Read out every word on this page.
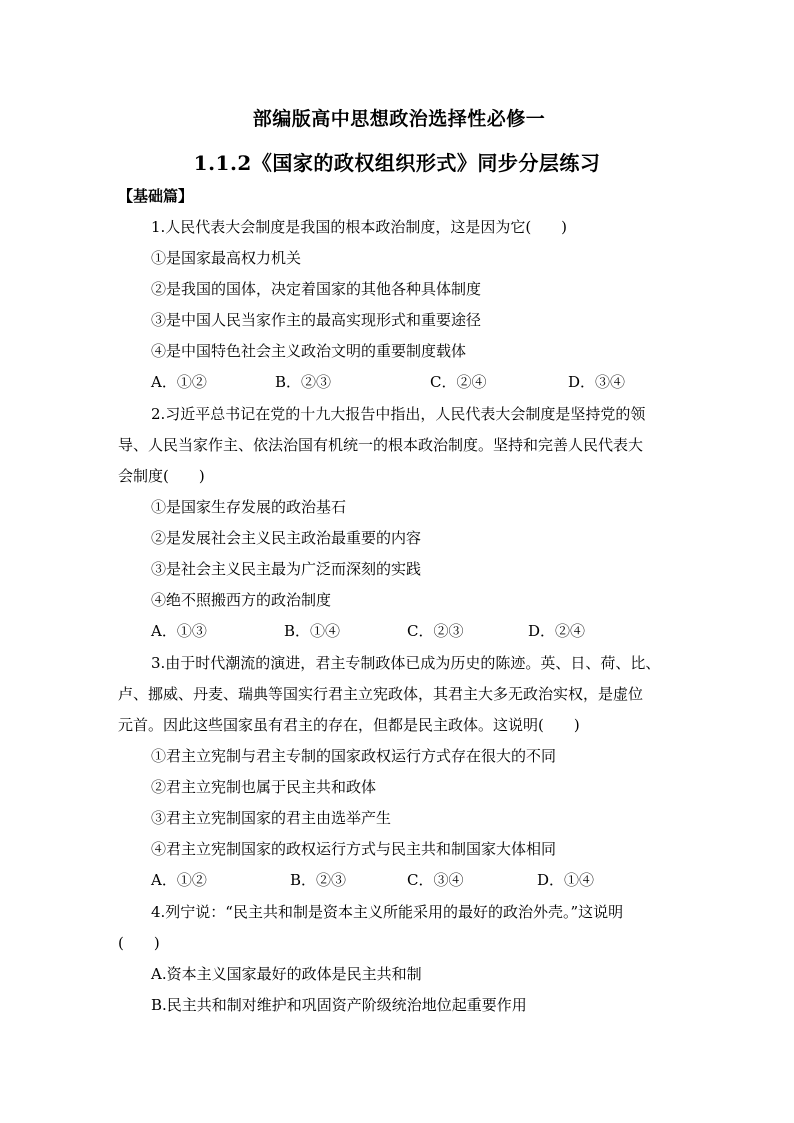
部编版高中思想政治选择性必修一
1.1.2《国家的政权组织形式》同步分层练习
【基础篇】
1.人民代表大会制度是我国的根本政治制度，这是因为它(　　)
①是国家最高权力机关
②是我国的国体，决定着国家的其他各种具体制度
③是中国人民当家作主的最高实现形式和重要途径
④是中国特色社会主义政治文明的重要制度载体
A．①②	B．②③	C．②④	D．③④
2.习近平总书记在党的十九大报告中指出，人民代表大会制度是坚持党的领
导、人民当家作主、依法治国有机统一的根本政治制度。坚持和完善人民代表大
会制度(　　)
①是国家生存发展的政治基石
②是发展社会主义民主政治最重要的内容
③是社会主义民主最为广泛而深刻的实践
④绝不照搬西方的政治制度
A．①③	B．①④	C．②③	D．②④
3.由于时代潮流的演进，君主专制政体已成为历史的陈迹。英、日、荷、比、
卢、挪威、丹麦、瑞典等国实行君主立宪政体，其君主大多无政治实权，是虚位
元首。因此这些国家虽有君主的存在，但都是民主政体。这说明(　　)
①君主立宪制与君主专制的国家政权运行方式存在很大的不同
②君主立宪制也属于民主共和政体
③君主立宪制国家的君主由选举产生
④君主立宪制国家的政权运行方式与民主共和制国家大体相同
A．①②	B．②③	C．③④	D．①④
4.列宁说：“民主共和制是资本主义所能采用的最好的政治外壳。”这说明
(　　)
A.资本主义国家最好的政体是民主共和制
B.民主共和制对维护和巩固资产阶级统治地位起重要作用
